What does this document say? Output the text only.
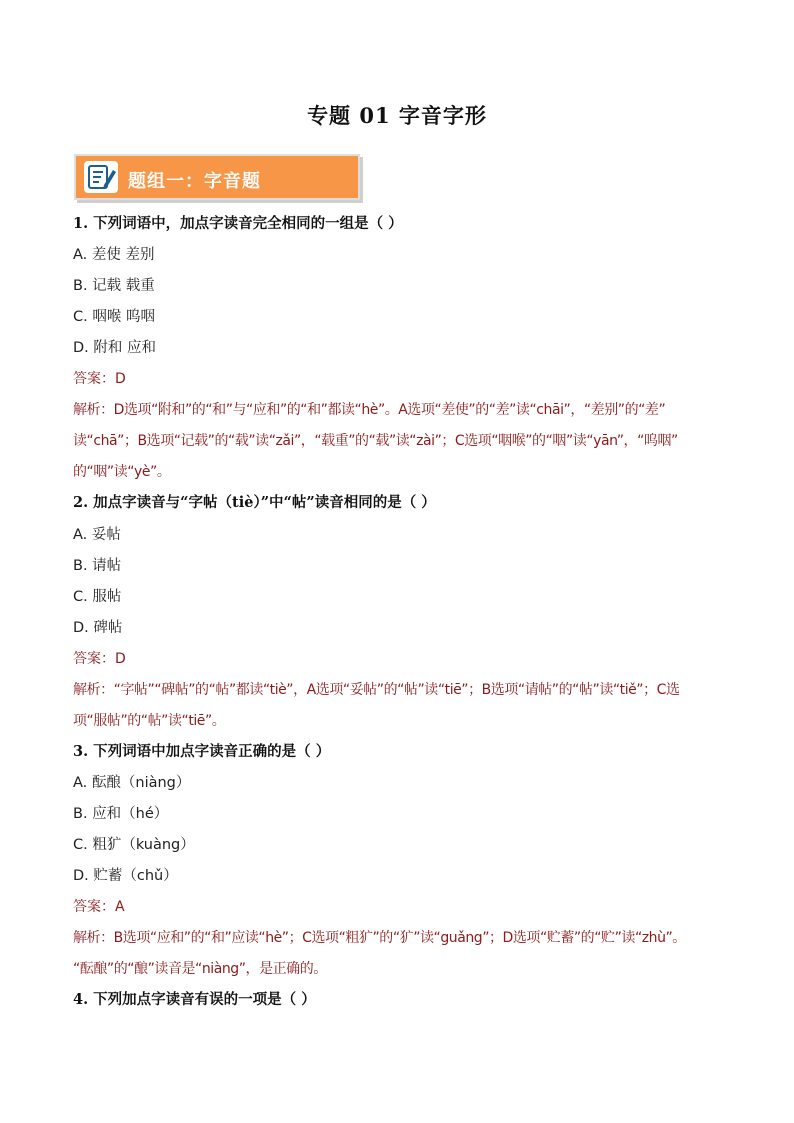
专题 01 字音字形
题组一：字音题
1. 下列词语中，加点字读音完全相同的一组是（ ）
A. 差使 差别
B. 记载 载重
C. 咽喉 呜咽
D. 附和 应和
答案：D
解析：D选项“附和”的“和”与“应和”的“和”都读“hè”。A选项“差使”的“差”读“chāi”，“差别”的“差”
读“chā”；B选项“记载”的“载”读“zǎi”，“载重”的“载”读“zài”；C选项“咽喉”的“咽”读“yān”，“呜咽”
的“咽”读“yè”。
2. 加点字读音与“字帖（tiè）”中“帖”读音相同的是（ ）
A. 妥帖
B. 请帖
C. 服帖
D. 碑帖
答案：D
解析：“字帖”“碑帖”的“帖”都读“tiè”，A选项“妥帖”的“帖”读“tiē”；B选项“请帖”的“帖”读“tiě”；C选
项“服帖”的“帖”读“tiē”。
3. 下列词语中加点字读音正确的是（ ）
A. 酝酿（niàng）
B. 应和（hé）
C. 粗犷（kuàng）
D. 贮蓄（chǔ）
答案：A
解析：B选项“应和”的“和”应读“hè”；C选项“粗犷”的“犷”读“guǎng”；D选项“贮蓄”的“贮”读“zhù”。
“酝酿”的“酿”读音是“niàng”，是正确的。
4. 下列加点字读音有误的一项是（ ）
